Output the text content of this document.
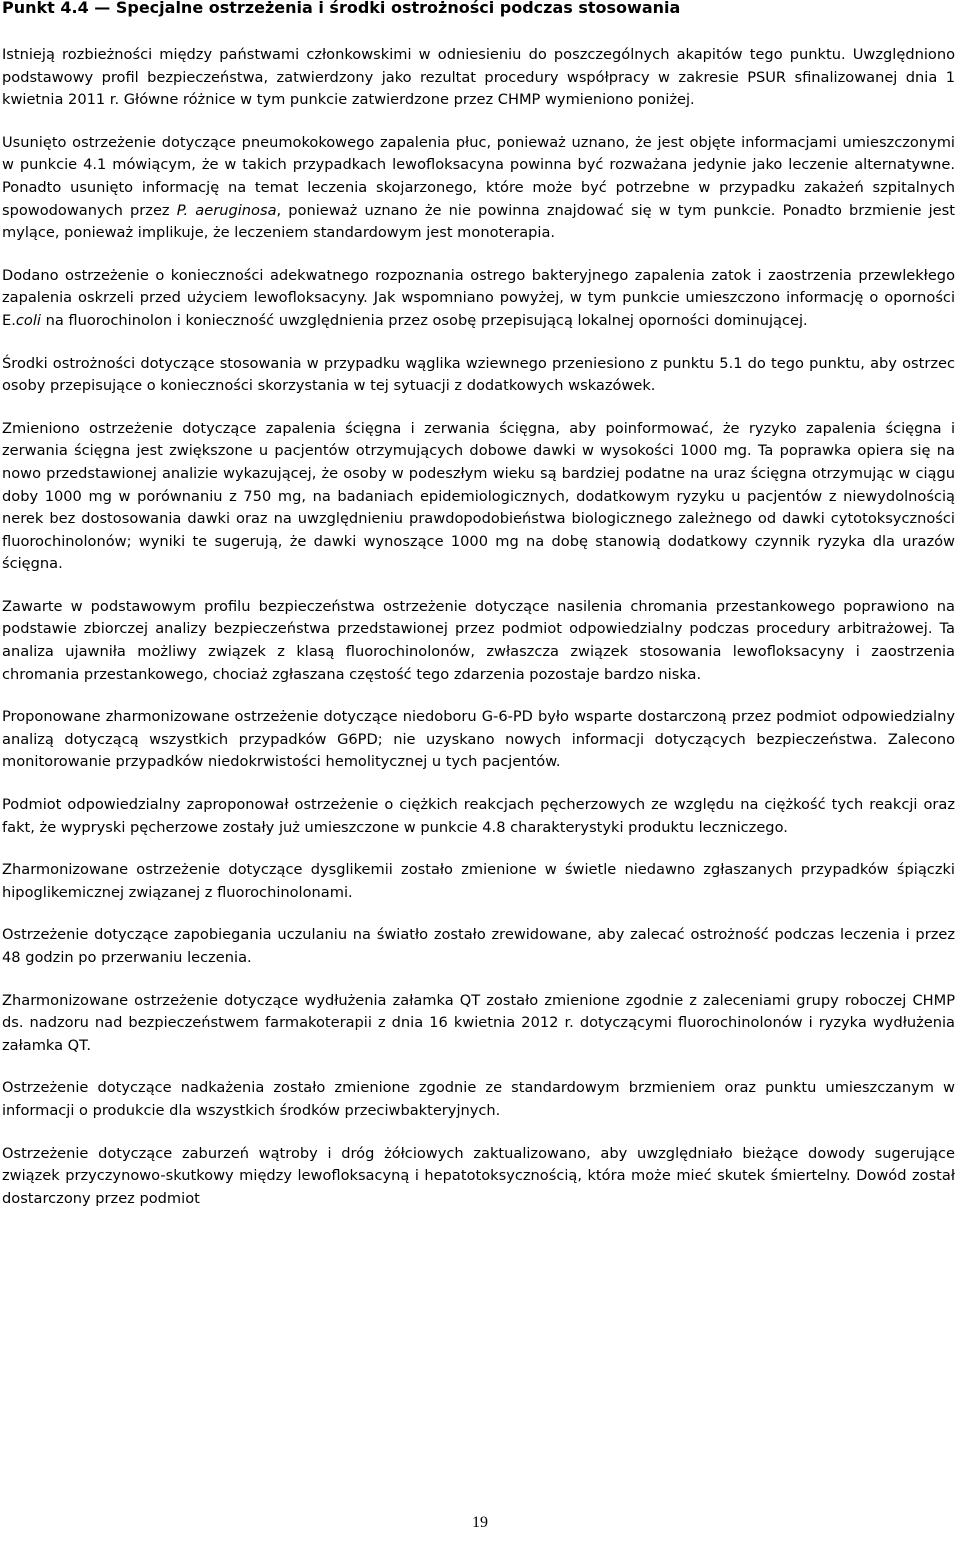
Punkt 4.4 — Specjalne ostrzeżenia i środki ostrożności podczas stosowania

Istnieją rozbieżności między państwami członkowskimi w odniesieniu do poszczególnych akapitów tego punktu. Uwzględniono podstawowy profil bezpieczeństwa, zatwierdzony jako rezultat procedury współpracy w zakresie PSUR sfinalizowanej dnia 1 kwietnia 2011 r. Główne różnice w tym punkcie zatwierdzone przez CHMP wymieniono poniżej.

Usunięto ostrzeżenie dotyczące pneumokokowego zapalenia płuc, ponieważ uznano, że jest objęte informacjami umieszczonymi w punkcie 4.1 mówiącym, że w takich przypadkach lewofloksacyna powinna być rozważana jedynie jako leczenie alternatywne. Ponadto usunięto informację na temat leczenia skojarzonego, które może być potrzebne w przypadku zakażeń szpitalnych spowodowanych przez P. aeruginosa, ponieważ uznano że nie powinna znajdować się w tym punkcie. Ponadto brzmienie jest mylące, ponieważ implikuje, że leczeniem standardowym jest monoterapia.

Dodano ostrzeżenie o konieczności adekwatnego rozpoznania ostrego bakteryjnego zapalenia zatok i zaostrzenia przewlekłego zapalenia oskrzeli przed użyciem lewofloksacyny. Jak wspomniano powyżej, w tym punkcie umieszczono informację o oporności E.coli na fluorochinolon i konieczność uwzględnienia przez osobę przepisującą lokalnej oporności dominującej.

Środki ostrożności dotyczące stosowania w przypadku wąglika wziewnego przeniesiono z punktu 5.1 do tego punktu, aby ostrzec osoby przepisujące o konieczności skorzystania w tej sytuacji z dodatkowych wskazówek.

Zmieniono ostrzeżenie dotyczące zapalenia ścięgna i zerwania ścięgna, aby poinformować, że ryzyko zapalenia ścięgna i zerwania ścięgna jest zwiększone u pacjentów otrzymujących dobowe dawki w wysokości 1000 mg. Ta poprawka opiera się na nowo przedstawionej analizie wykazującej, że osoby w podeszłym wieku są bardziej podatne na uraz ścięgna otrzymując w ciągu doby 1000 mg w porównaniu z 750 mg, na badaniach epidemiologicznych, dodatkowym ryzyku u pacjentów z niewydolnością nerek bez dostosowania dawki oraz na uwzględnieniu prawdopodobieństwa biologicznego zależnego od dawki cytotoksyczności fluorochinolonów; wyniki te sugerują, że dawki wynoszące 1000 mg na dobę stanowią dodatkowy czynnik ryzyka dla urazów ścięgna.

Zawarte w podstawowym profilu bezpieczeństwa ostrzeżenie dotyczące nasilenia chromania przestankowego poprawiono na podstawie zbiorczej analizy bezpieczeństwa przedstawionej przez podmiot odpowiedzialny podczas procedury arbitrażowej. Ta analiza ujawniła możliwy związek z klasą fluorochinolonów, zwłaszcza związek stosowania lewofloksacyny i zaostrzenia chromania przestankowego, chociaż zgłaszana częstość tego zdarzenia pozostaje bardzo niska.

Proponowane zharmonizowane ostrzeżenie dotyczące niedoboru G-6-PD było wsparte dostarczoną przez podmiot odpowiedzialny analizą dotyczącą wszystkich przypadków G6PD; nie uzyskano nowych informacji dotyczących bezpieczeństwa. Zalecono monitorowanie przypadków niedokrwistości hemolitycznej u tych pacjentów.

Podmiot odpowiedzialny zaproponował ostrzeżenie o ciężkich reakcjach pęcherzowych ze względu na ciężkość tych reakcji oraz fakt, że wypryski pęcherzowe zostały już umieszczone w punkcie 4.8 charakterystyki produktu leczniczego.

Zharmonizowane ostrzeżenie dotyczące dysglikemii zostało zmienione w świetle niedawno zgłaszanych przypadków śpiączki hipoglikemicznej związanej z fluorochinolonami.

Ostrzeżenie dotyczące zapobiegania uczulaniu na światło zostało zrewidowane, aby zalecać ostrożność podczas leczenia i przez 48 godzin po przerwaniu leczenia.

Zharmonizowane ostrzeżenie dotyczące wydłużenia załamka QT zostało zmienione zgodnie z zaleceniami grupy roboczej CHMP ds. nadzoru nad bezpieczeństwem farmakoterapii z dnia 16 kwietnia 2012 r. dotyczącymi fluorochinolonów i ryzyka wydłużenia załamka QT.

Ostrzeżenie dotyczące nadkażenia zostało zmienione zgodnie ze standardowym brzmieniem oraz punktu umieszczanym w informacji o produkcie dla wszystkich środków przeciwbakteryjnych.

Ostrzeżenie dotyczące zaburzeń wątroby i dróg żółciowych zaktualizowano, aby uwzględniało bieżące dowody sugerujące związek przyczynowo-skutkowy między lewofloksacyną i hepatotoksycznością, która może mieć skutek śmiertelny. Dowód został dostarczony przez podmiot

19
